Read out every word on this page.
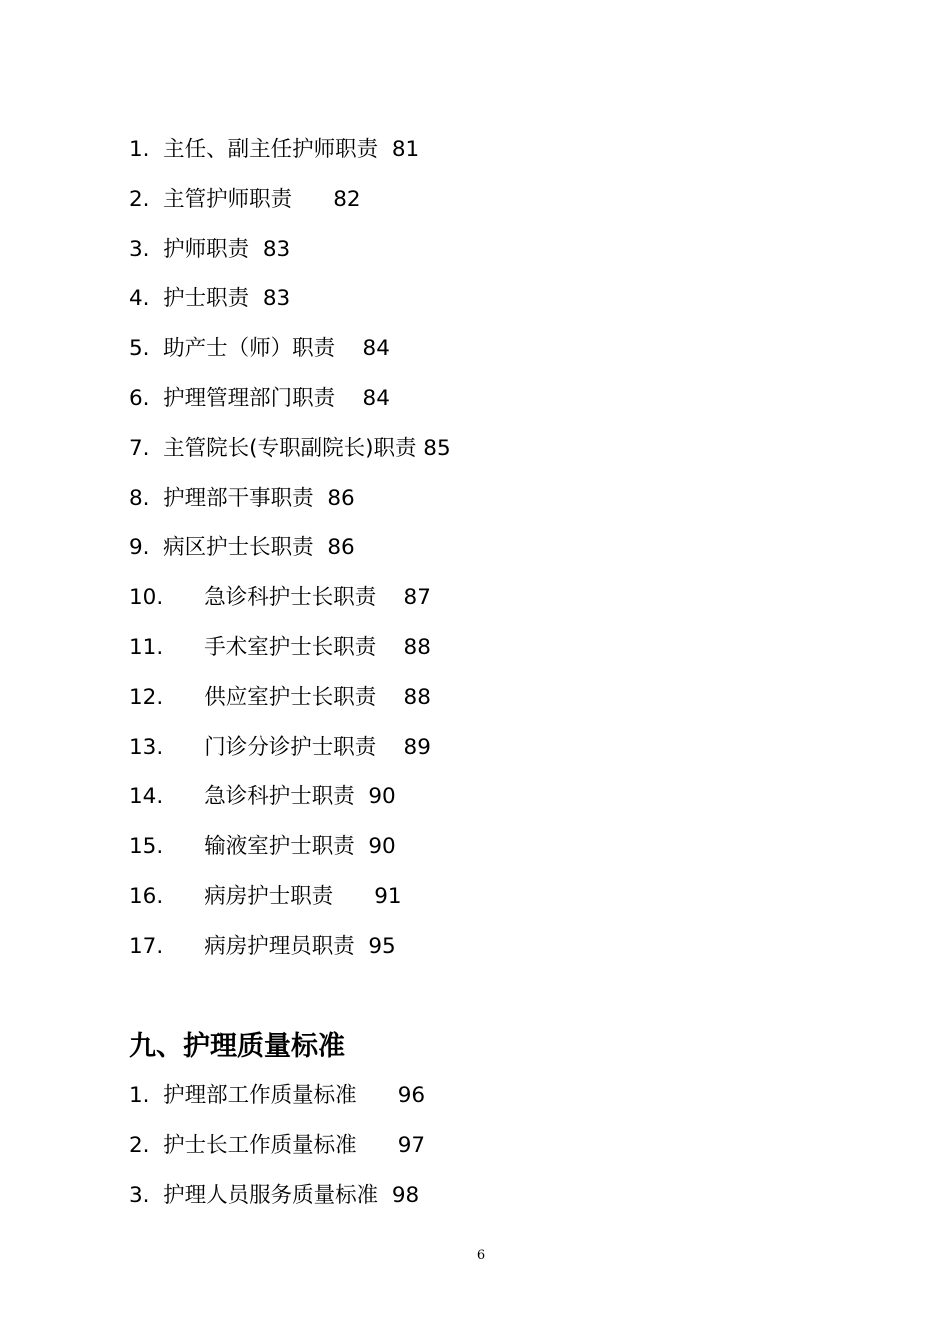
1.  主任、副主任护师职责  81
2.  主管护师职责      82
3.  护师职责  83
4.  护士职责  83
5.  助产士（师）职责    84
6.  护理管理部门职责    84
7.  主管院长(专职副院长)职责 85
8.  护理部干事职责  86
9.  病区护士长职责  86
10.      急诊科护士长职责    87
11.      手术室护士长职责    88
12.      供应室护士长职责    88
13.      门诊分诊护士职责    89
14.      急诊科护士职责  90
15.      输液室护士职责  90
16.      病房护士职责      91
17.      病房护理员职责  95
九、护理质量标准
1.  护理部工作质量标准      96
2.  护士长工作质量标准      97
3.  护理人员服务质量标准  98
6
